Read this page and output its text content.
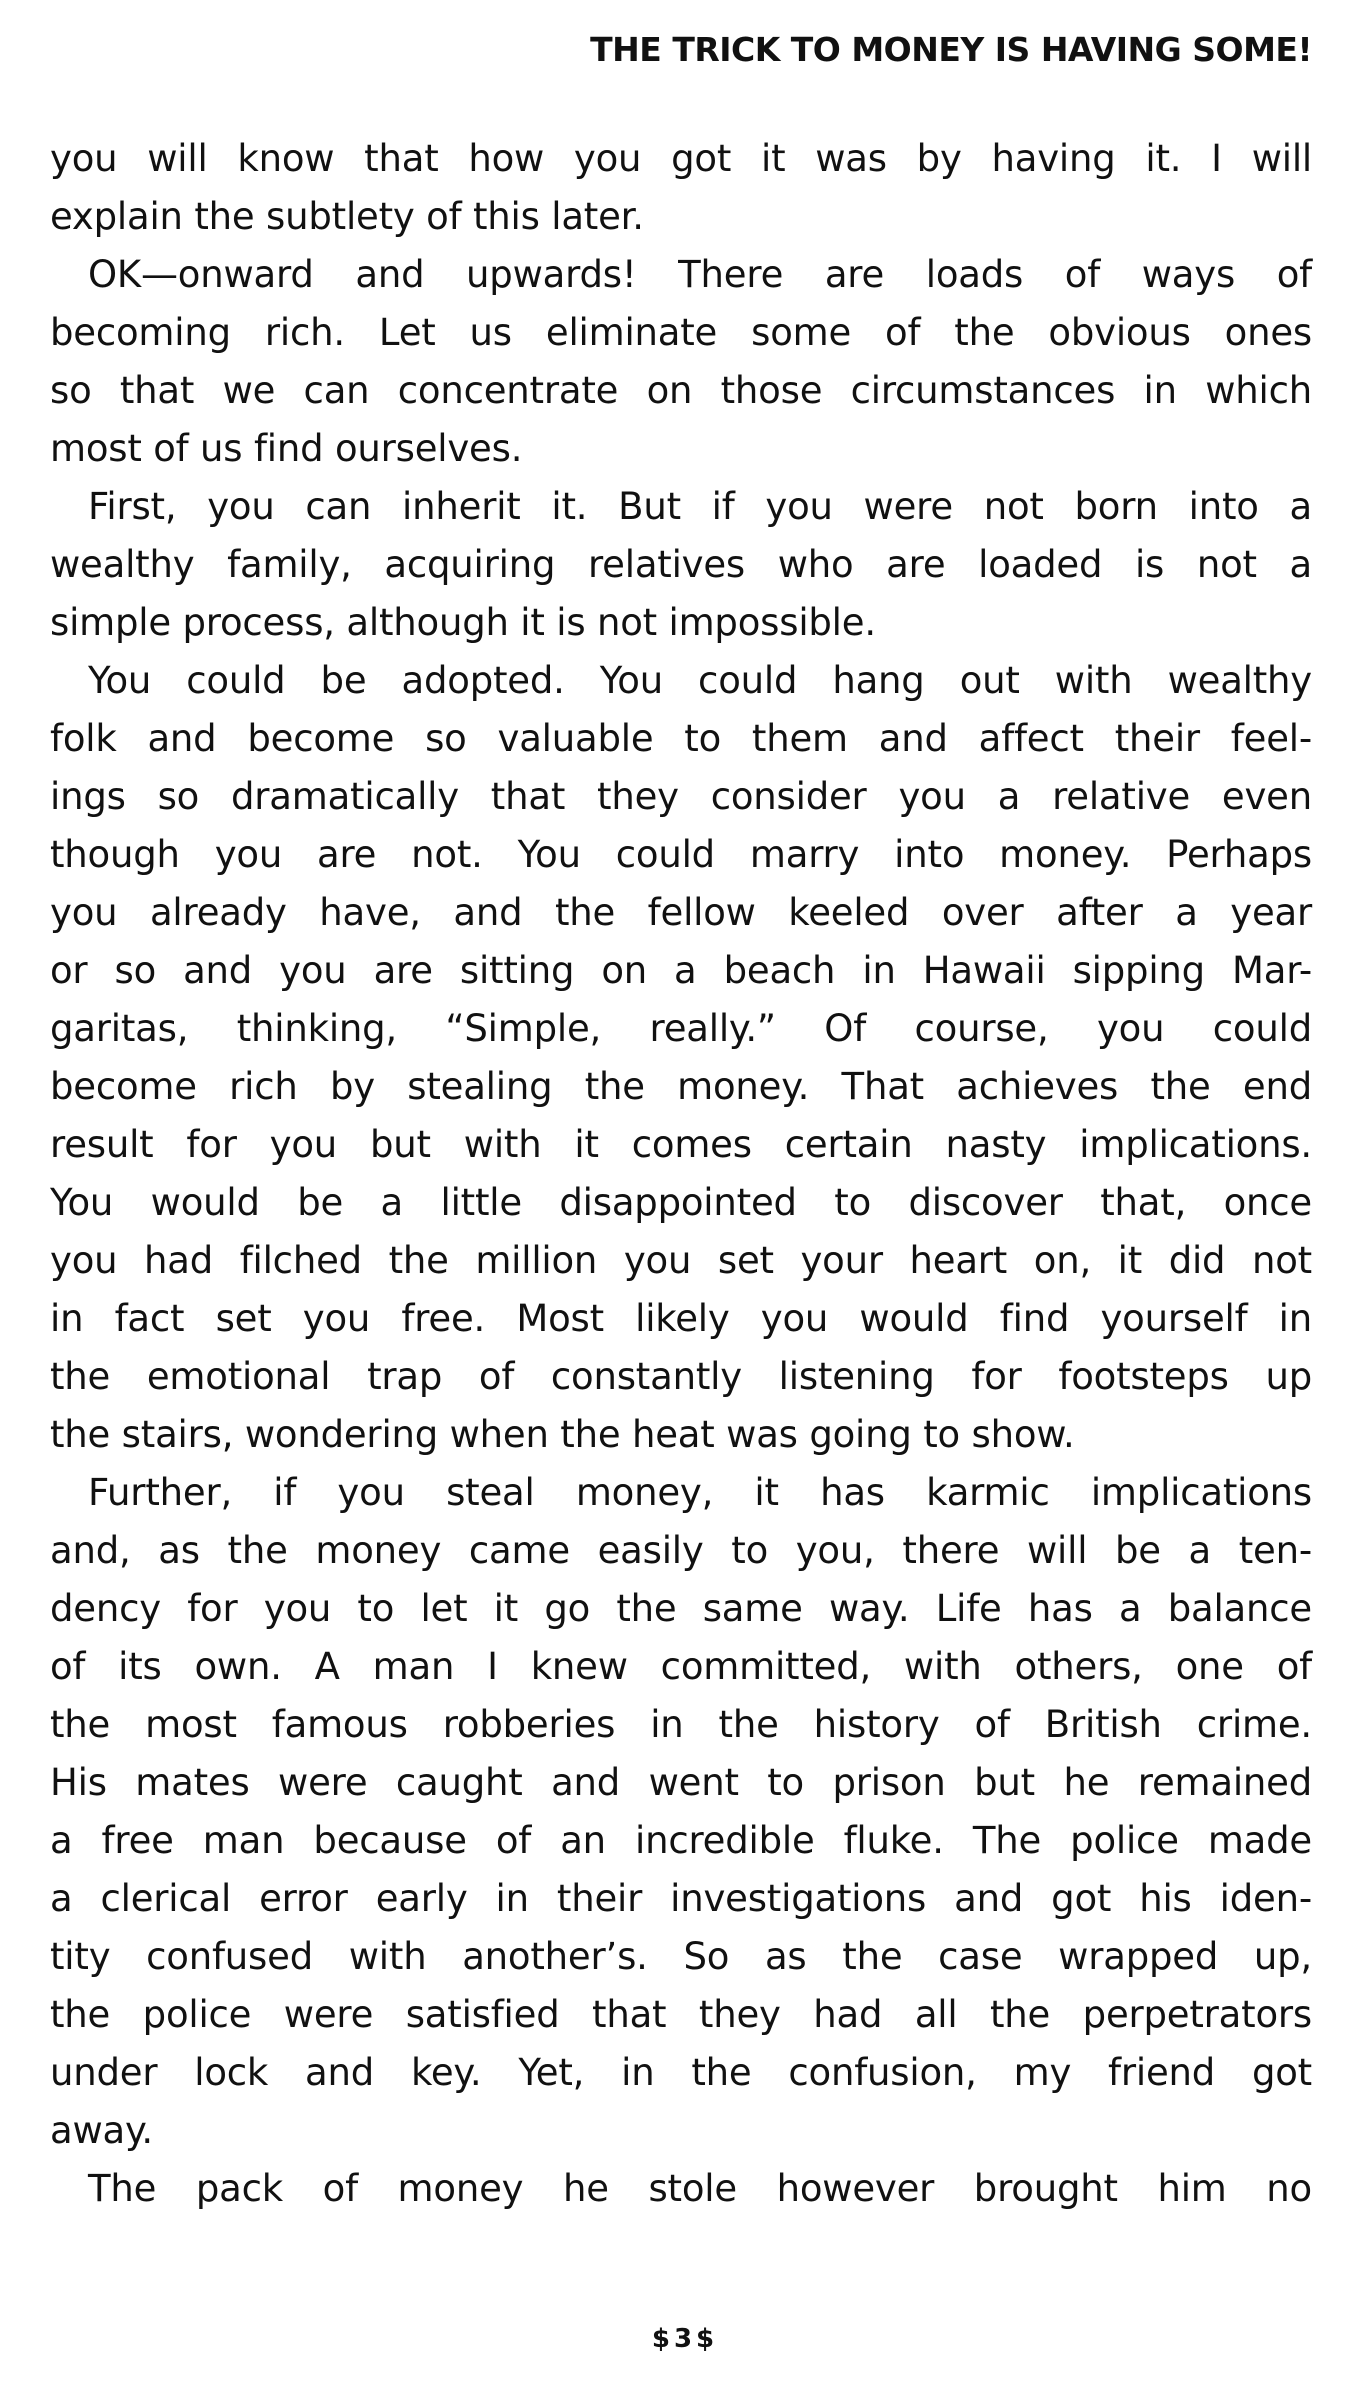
THE TRICK TO MONEY IS HAVING SOME!
you will know that how you got it was by having it. I will
explain the subtlety of this later.
OK—onward and upwards! There are loads of ways of
becoming rich. Let us eliminate some of the obvious ones
so that we can concentrate on those circumstances in which
most of us find ourselves.
First, you can inherit it. But if you were not born into a
wealthy family, acquiring relatives who are loaded is not a
simple process, although it is not impossible.
You could be adopted. You could hang out with wealthy
folk and become so valuable to them and affect their feel-
ings so dramatically that they consider you a relative even
though you are not. You could marry into money. Perhaps
you already have, and the fellow keeled over after a year
or so and you are sitting on a beach in Hawaii sipping Mar-
garitas, thinking, “Simple, really.” Of course, you could
become rich by stealing the money. That achieves the end
result for you but with it comes certain nasty implications.
You would be a little disappointed to discover that, once
you had filched the million you set your heart on, it did not
in fact set you free. Most likely you would find yourself in
the emotional trap of constantly listening for footsteps up
the stairs, wondering when the heat was going to show.
Further, if you steal money, it has karmic implications
and, as the money came easily to you, there will be a ten-
dency for you to let it go the same way. Life has a balance
of its own. A man I knew committed, with others, one of
the most famous robberies in the history of British crime.
His mates were caught and went to prison but he remained
a free man because of an incredible fluke. The police made
a clerical error early in their investigations and got his iden-
tity confused with another’s. So as the case wrapped up,
the police were satisfied that they had all the perpetrators
under lock and key. Yet, in the confusion, my friend got
away.
The pack of money he stole however brought him no
$3$
